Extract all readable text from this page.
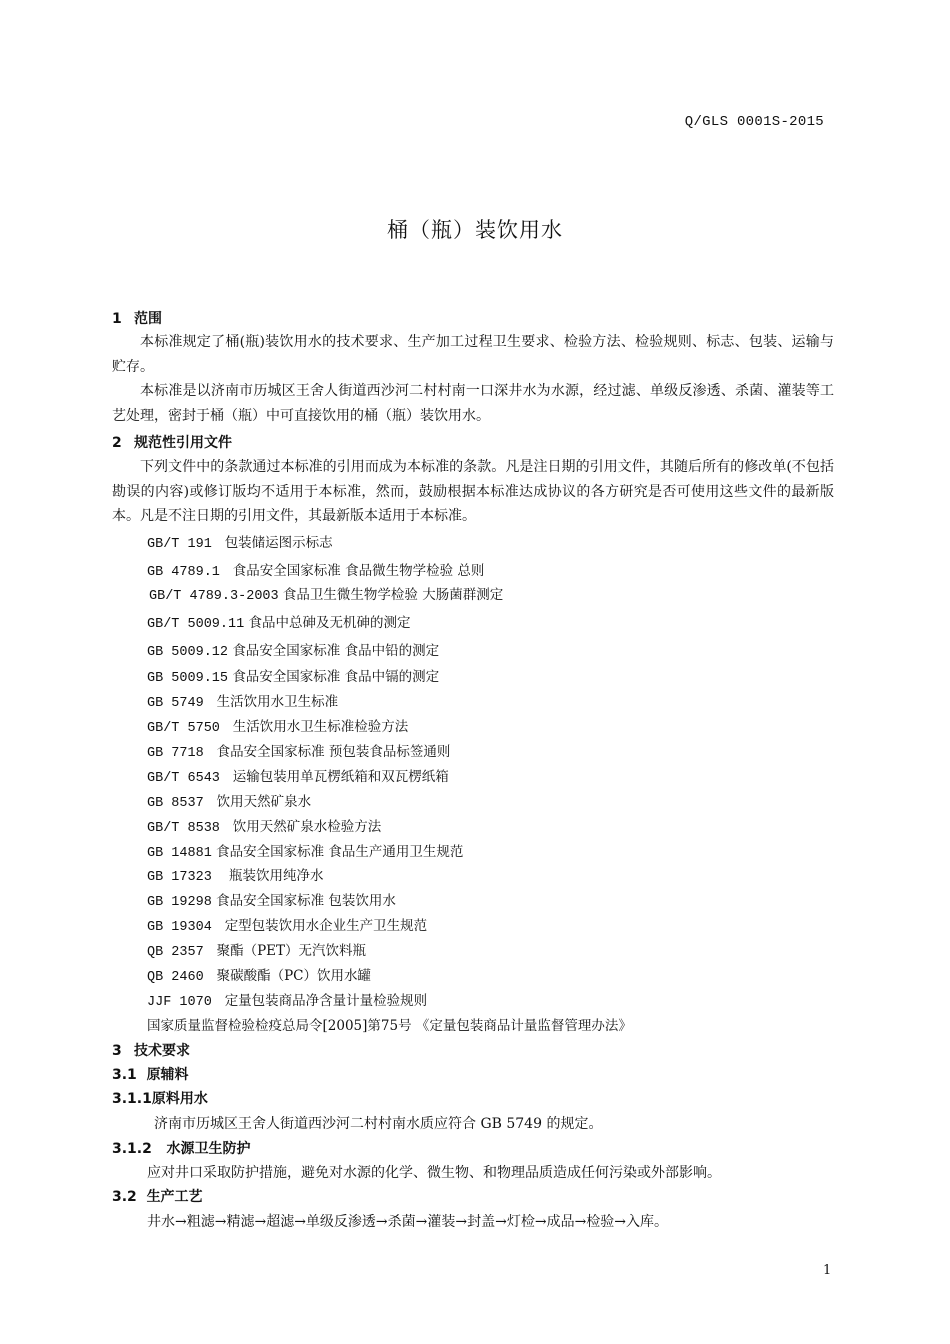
Q/GLS 0001S-2015
桶（瓶）装饮用水
1 范围
本标准规定了桶(瓶)装饮用水的技术要求、生产加工过程卫生要求、检验方法、检验规则、标志、包装、运输与贮存。
本标准是以济南市历城区王舍人街道西沙河二村村南一口深井水为水源，经过滤、单级反渗透、杀菌、灌装等工艺处理，密封于桶（瓶）中可直接饮用的桶（瓶）装饮用水。
2 规范性引用文件
下列文件中的条款通过本标准的引用而成为本标准的条款。凡是注日期的引用文件，其随后所有的修改单(不包括勘误的内容)或修订版均不适用于本标准，然而，鼓励根据本标准达成协议的各方研究是否可使用这些文件的最新版本。凡是不注日期的引用文件，其最新版本适用于本标准。
GB/T 191 包装储运图示标志
GB 4789.1 食品安全国家标准 食品微生物学检验 总则
GB/T 4789.3-2003 食品卫生微生物学检验 大肠菌群测定
GB/T 5009.11 食品中总砷及无机砷的测定
GB 5009.12 食品安全国家标准 食品中铅的测定
GB 5009.15 食品安全国家标准 食品中镉的测定
GB 5749 生活饮用水卫生标准
GB/T 5750 生活饮用水卫生标准检验方法
GB 7718 食品安全国家标准 预包装食品标签通则
GB/T 6543 运输包装用单瓦楞纸箱和双瓦楞纸箱
GB 8537 饮用天然矿泉水
GB/T 8538 饮用天然矿泉水检验方法
GB 14881 食品安全国家标准 食品生产通用卫生规范
GB 17323 瓶装饮用纯净水
GB 19298 食品安全国家标准 包装饮用水
GB 19304 定型包装饮用水企业生产卫生规范
QB 2357 聚酯（PET）无汽饮料瓶
QB 2460 聚碳酸酯（PC）饮用水罐
JJF 1070 定量包装商品净含量计量检验规则
国家质量监督检验检疫总局令[2005]第75号 《定量包装商品计量监督管理办法》
3 技术要求
3.1 原辅料
3.1.1原料用水
济南市历城区王舍人街道西沙河二村村南水质应符合 GB 5749 的规定。
3.1.2 水源卫生防护
应对井口采取防护措施，避免对水源的化学、微生物、和物理品质造成任何污染或外部影响。
3.2 生产工艺
井水→粗滤→精滤→超滤→单级反渗透→杀菌→灌装→封盖→灯检→成品→检验→入库。
1
